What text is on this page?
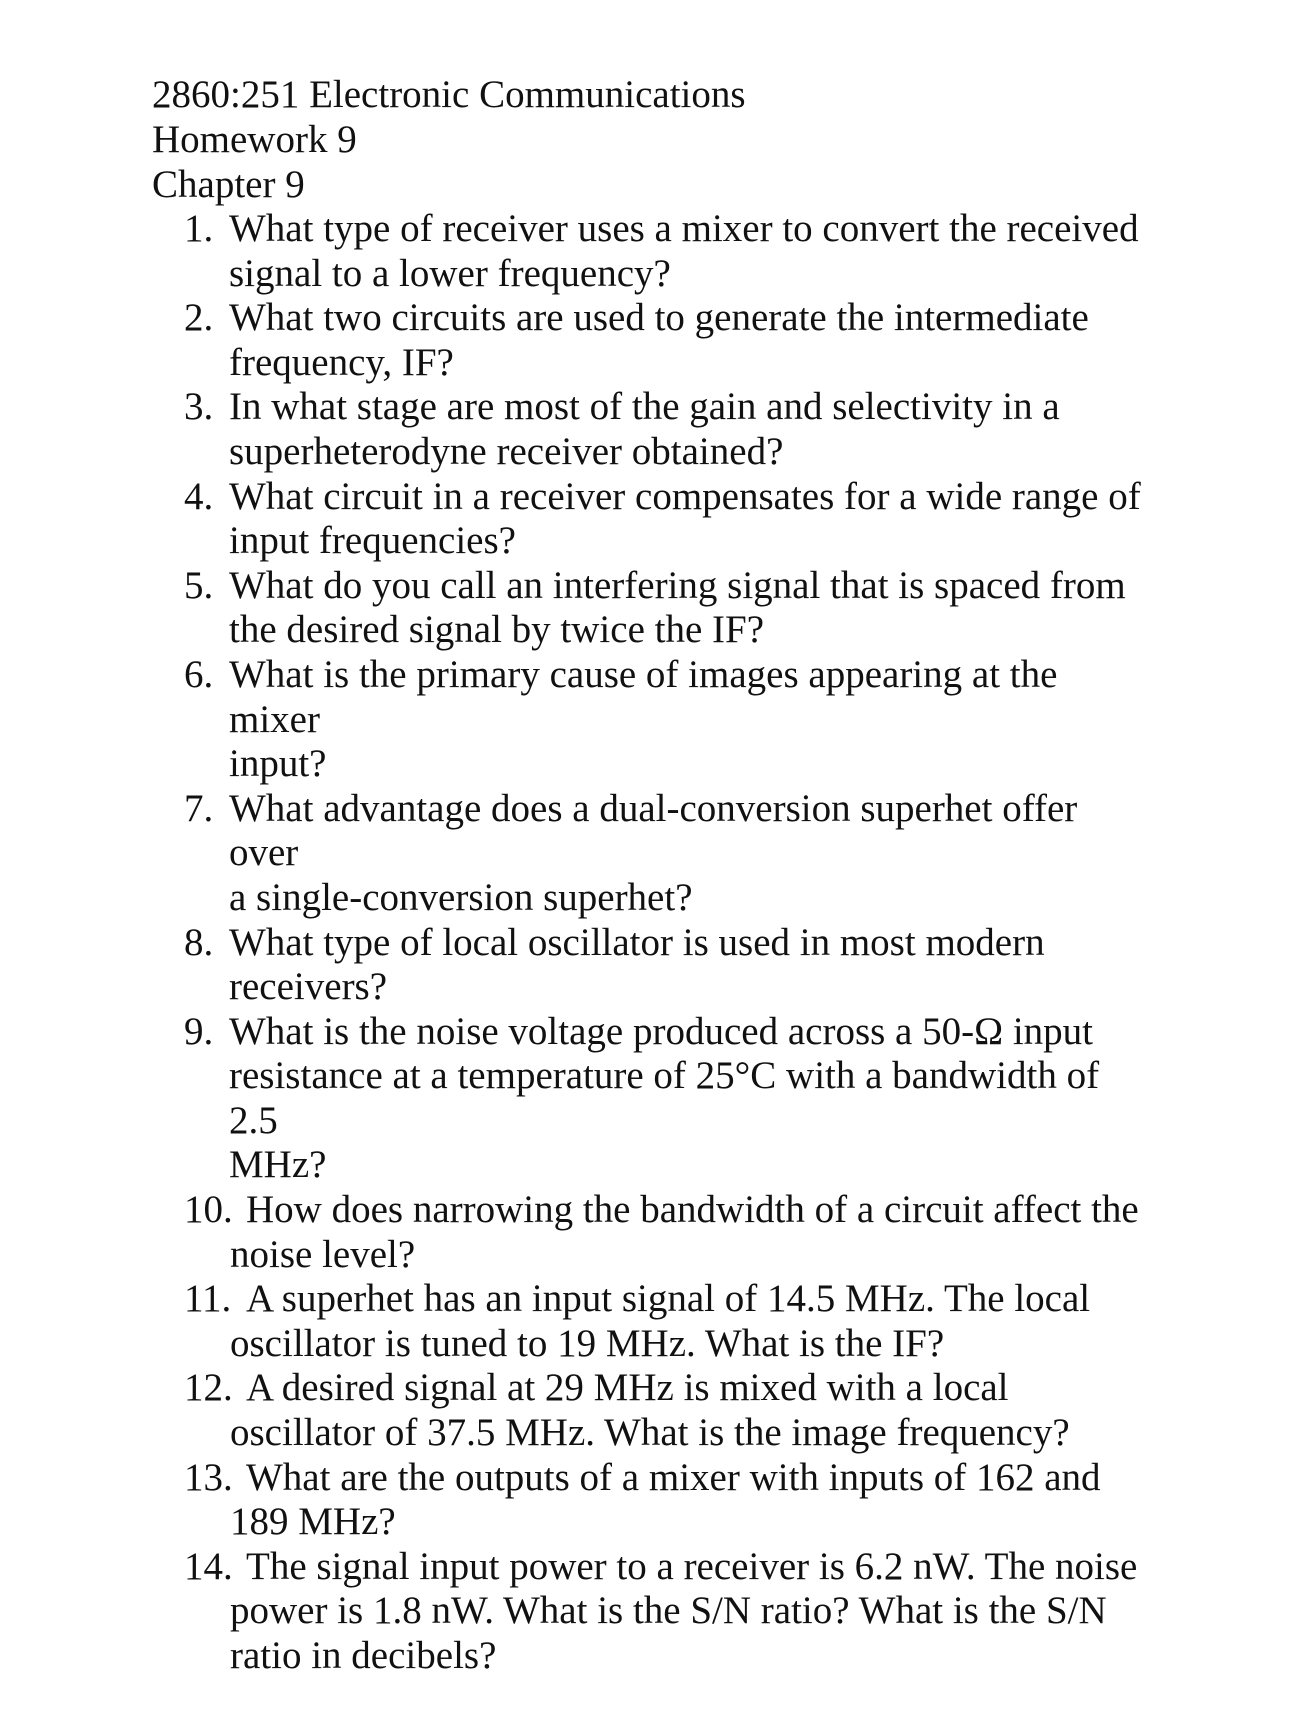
2860:251 Electronic Communications
Homework 9
Chapter 9
1. What type of receiver uses a mixer to convert the received
signal to a lower frequency?
2. What two circuits are used to generate the intermediate
frequency, IF?
3. In what stage are most of the gain and selectivity in a
superheterodyne receiver obtained?
4. What circuit in a receiver compensates for a wide range of
input frequencies?
5. What do you call an interfering signal that is spaced from
the desired signal by twice the IF?
6. What is the primary cause of images appearing at the mixer
input?
7. What advantage does a dual-conversion superhet offer over
a single-conversion superhet?
8. What type of local oscillator is used in most modern
receivers?
9. What is the noise voltage produced across a 50-Ω input
resistance at a temperature of 25°C with a bandwidth of 2.5
MHz?
10. How does narrowing the bandwidth of a circuit affect the
noise level?
11. A superhet has an input signal of 14.5 MHz. The local
oscillator is tuned to 19 MHz. What is the IF?
12. A desired signal at 29 MHz is mixed with a local
oscillator of 37.5 MHz. What is the image frequency?
13. What are the outputs of a mixer with inputs of 162 and
189 MHz?
14. The signal input power to a receiver is 6.2 nW. The noise
power is 1.8 nW. What is the S/N ratio? What is the S/N
ratio in decibels?
